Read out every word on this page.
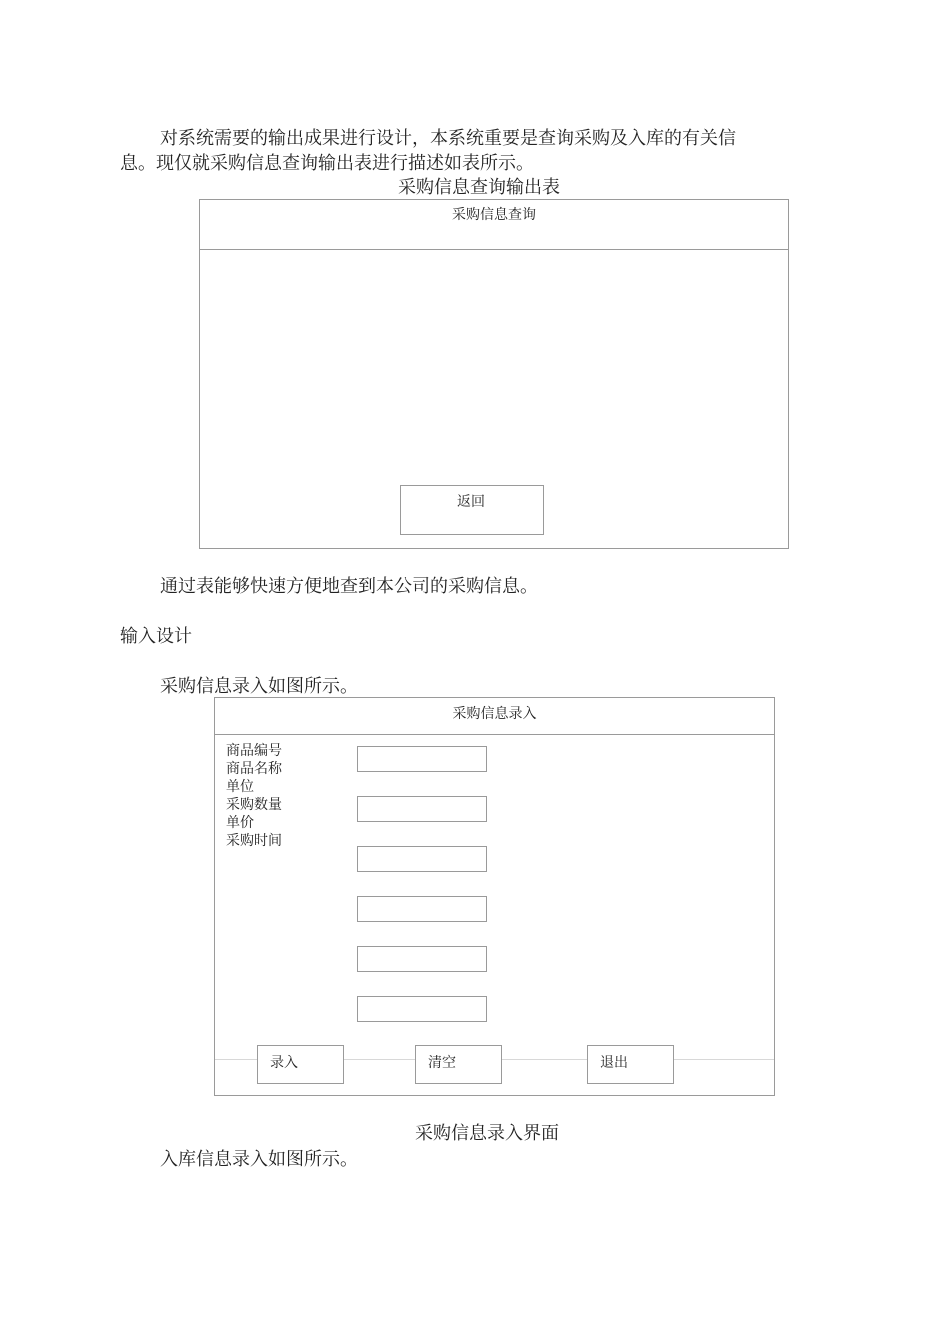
对系统需要的输出成果进行设计，本系统重要是查询采购及入库的有关信
息。现仅就采购信息查询输出表进行描述如表所示。
采购信息查询输出表
采购信息查询
返回
通过表能够快速方便地查到本公司的采购信息。
输入设计
采购信息录入如图所示。
采购信息录入
商品编号
商品名称
单位
采购数量
单价
采购时间
录入	清空	退出
采购信息录入界面
入库信息录入如图所示。
